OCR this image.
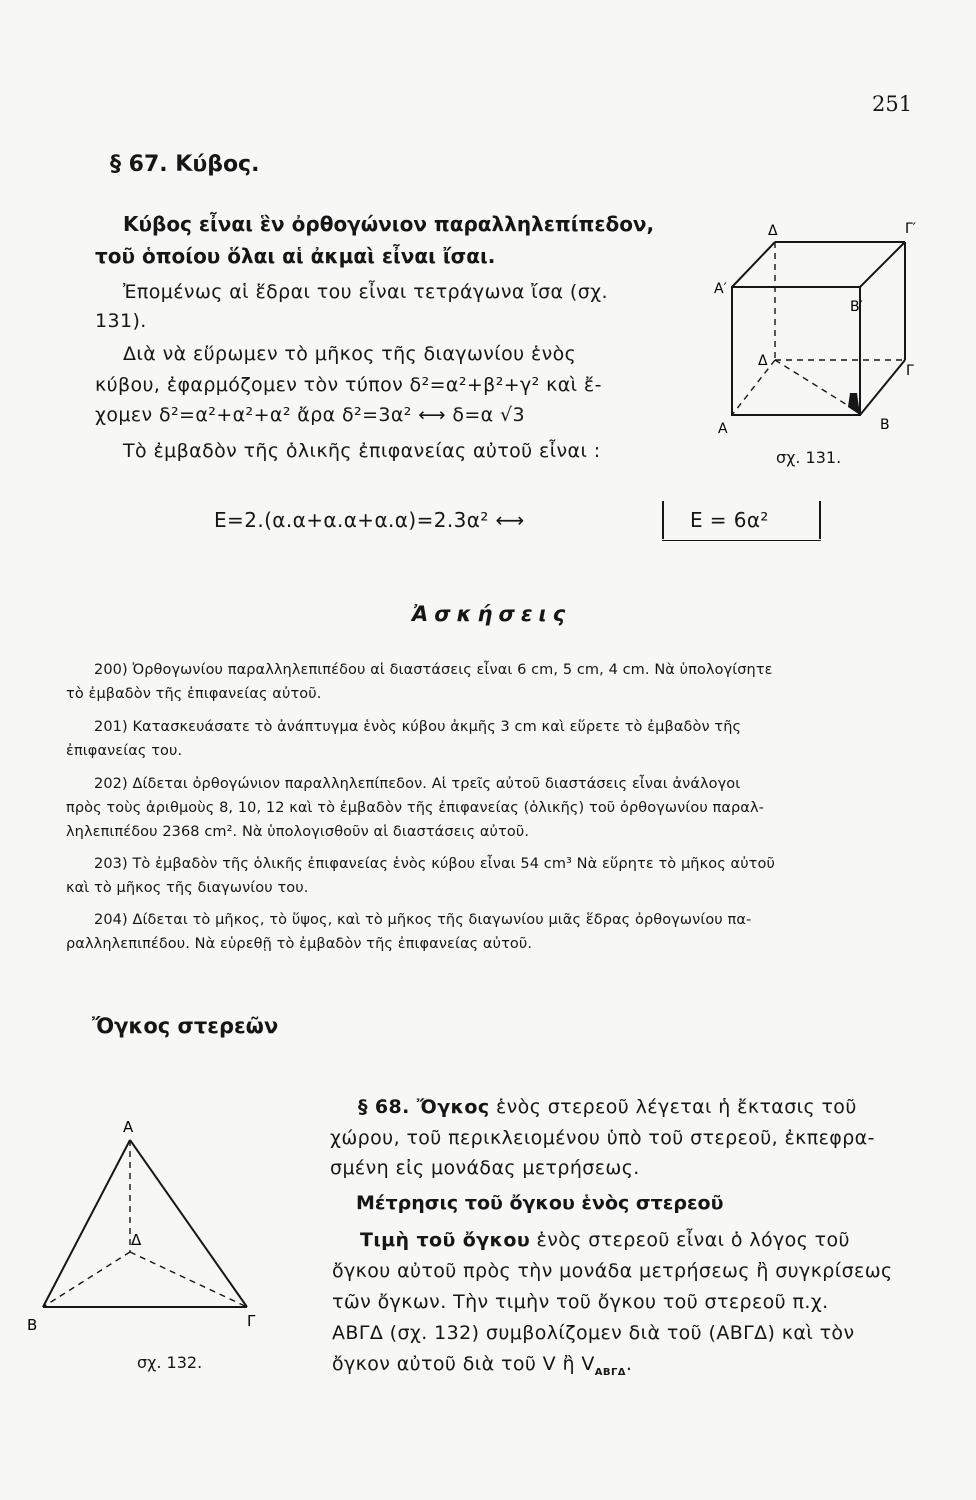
251
§ 67. Κύβος.
Κύβος εἶναι ἓν ὀρθογώνιον παραλληλεπίπεδον,
τοῦ ὁποίου ὅλαι αἱ ἀκμαὶ εἶναι ἴσαι.
Ἐπομένως αἱ ἕδραι του εἶναι τετράγωνα ἴσα (σχ.
131).
Διὰ νὰ εὕρωμεν τὸ μῆκος τῆς διαγωνίου ἑνὸς
κύβου, ἐφαρμόζομεν τὸν τύπον δ²=α²+β²+γ² καὶ ἔ-
χομεν δ²=α²+α²+α² ἄρα δ²=3α² ⟷ δ=α √3
Τὸ ἐμβαδὸν τῆς ὁλικῆς ἐπιφανείας αὐτοῦ εἶναι :
E=2.(α.α+α.α+α.α)=2.3α² ⟷	E = 6α²
Δ	Γ′
Α′
Β′
Δ
Γ
Α	Β
σχ. 131.
Ἀσκήσεις
200) Ὀρθογωνίου παραλληλεπιπέδου αἱ διαστάσεις εἶναι 6 cm, 5 cm, 4 cm. Νὰ ὑπολογίσητε
τὸ ἐμβαδὸν τῆς ἐπιφανείας αὐτοῦ.
201) Κατασκευάσατε τὸ ἀνάπτυγμα ἑνὸς κύβου ἀκμῆς 3 cm καὶ εὕρετε τὸ ἐμβαδὸν τῆς
ἐπιφανείας του.
202) Δίδεται ὀρθογώνιον παραλληλεπίπεδον. Αἱ τρεῖς αὐτοῦ διαστάσεις εἶναι ἀνάλογοι
πρὸς τοὺς ἀριθμοὺς 8, 10, 12 καὶ τὸ ἐμβαδὸν τῆς ἐπιφανείας (ὁλικῆς) τοῦ ὀρθογωνίου παραλ-
ληλεπιπέδου 2368 cm². Νὰ ὑπολογισθοῦν αἱ διαστάσεις αὐτοῦ.
203) Τὸ ἐμβαδὸν τῆς ὁλικῆς ἐπιφανείας ἑνὸς κύβου εἶναι 54 cm³ Νὰ εὕρητε τὸ μῆκος αὐτοῦ
καὶ τὸ μῆκος τῆς διαγωνίου του.
204) Δίδεται τὸ μῆκος, τὸ ὕψος, καὶ τὸ μῆκος τῆς διαγωνίου μιᾶς ἕδρας ὀρθογωνίου πα-
ραλληλεπιπέδου. Νὰ εὑρεθῇ τὸ ἐμβαδὸν τῆς ἐπιφανείας αὐτοῦ.
Ὄγκος στερεῶν
§ 68. Ὄγκος ἑνὸς στερεοῦ λέγεται ἡ ἔκτασις τοῦ
χώρου, τοῦ περικλειομένου ὑπὸ τοῦ στερεοῦ, ἐκπεφρα-
σμένη εἰς μονάδας μετρήσεως.
Μέτρησις τοῦ ὄγκου ἑνὸς στερεοῦ
Τιμὴ τοῦ ὄγκου ἑνὸς στερεοῦ εἶναι ὁ λόγος τοῦ
ὄγκου αὐτοῦ πρὸς τὴν μονάδα μετρήσεως ἢ συγκρίσεως
τῶν ὄγκων. Τὴν τιμὴν τοῦ ὄγκου τοῦ στερεοῦ π.χ.
ΑΒΓΔ (σχ. 132) συμβολίζομεν διὰ τοῦ (ΑΒΓΔ) καὶ τὸν
ὄγκον αὐτοῦ διὰ τοῦ V ἢ $V_{AB\Gamma\Delta}$.
Α
Δ
Β	Γ
σχ. 132.
